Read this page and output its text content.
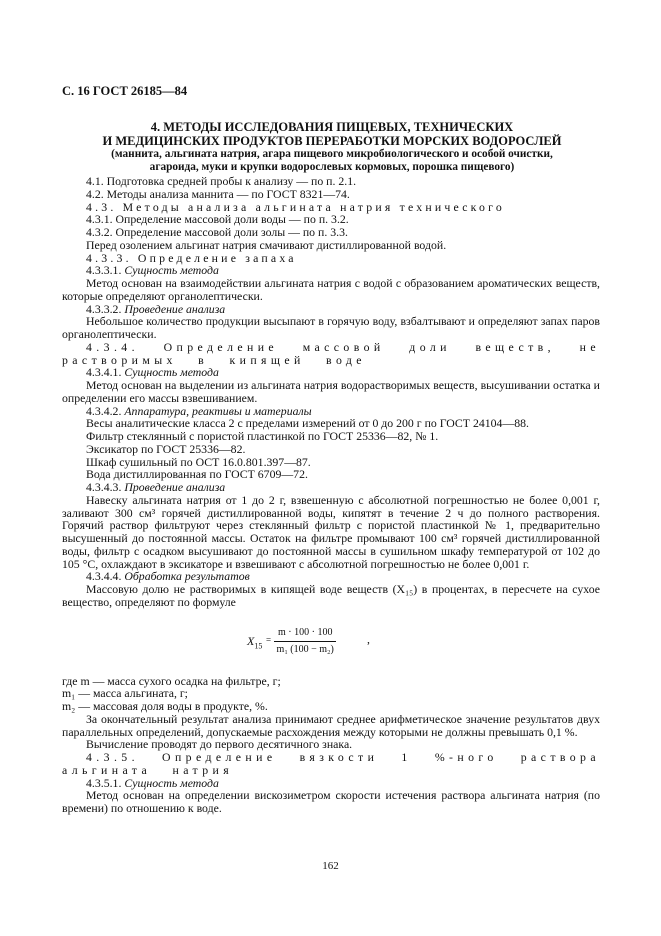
С. 16 ГОСТ 26185—84
4. МЕТОДЫ ИССЛЕДОВАНИЯ ПИЩЕВЫХ, ТЕХНИЧЕСКИХ
И МЕДИЦИНСКИХ ПРОДУКТОВ ПЕРЕРАБОТКИ МОРСКИХ ВОДОРОСЛЕЙ
(маннита, альгината натрия, агара пищевого микробиологического и особой очистки,
агароида, муки и крупки водорослевых кормовых, порошка пищевого)

4.1. Подготовка средней пробы к анализу — по п. 2.1.

4.2. Методы анализа маннита — по ГОСТ 8321—74.

4.3. Методы анализа альгината натрия технического

4.3.1. Определение массовой доли воды — по п. 3.2.

4.3.2. Определение массовой доли золы — по п. 3.3.

Перед озолением альгинат натрия смачивают дистиллированной водой.

4.3.3. Определение запаха

4.3.3.1. Сущность метода

Метод основан на взаимодействии альгината натрия с водой с образованием ароматических веществ, которые определяют органолептически.

4.3.3.2. Проведение анализа

Небольшое количество продукции высыпают в горячую воду, взбалтывают и определяют запах паров органолептически.

4.3.4. Определение массовой доли веществ, не растворимых в кипящей воде

4.3.4.1. Сущность метода

Метод основан на выделении из альгината натрия водорастворимых веществ, высушивании остатка и определении его массы взвешиванием.

4.3.4.2. Аппаратура, реактивы и материалы

Весы аналитические класса 2 с пределами измерений от 0 до 200 г по ГОСТ 24104—88.

Фильтр стеклянный с пористой пластинкой по ГОСТ 25336—82, № 1.

Эксикатор по ГОСТ 25336—82.

Шкаф сушильный по ОСТ 16.0.801.397—87.

Вода дистиллированная по ГОСТ 6709—72.

4.3.4.3. Проведение анализа

Навеску альгината натрия от 1 до 2 г, взвешенную с абсолютной погрешностью не более 0,001 г, заливают 300 см³ горячей дистиллированной воды, кипятят в течение 2 ч до полного растворения. Горячий раствор фильтруют через стеклянный фильтр с пористой пластинкой № 1, предварительно высушенный до постоянной массы. Остаток на фильтре промывают 100 см³ горячей дистиллированной воды, фильтр с осадком высушивают до постоянной массы в сушильном шкафу температурой от 102 до 105 °С, охлаждают в эксикаторе и взвешивают с абсолютной погрешностью не более 0,001 г.

4.3.4.4. Обработка результатов

Массовую долю не растворимых в кипящей воде веществ (X₁₅) в процентах, в пересчете на сухое вещество, определяют по формуле

$X_{15}$
= $\frac{m \cdot 100 \cdot 100}{\text{m₁ (100 − m₂)}}$	,

где m — масса сухого осадка на фильтре, г;

m₁ — масса альгината, г;

m₂ — массовая доля воды в продукте, %.

За окончательный результат анализа принимают среднее арифметическое значение результатов двух параллельных определений, допускаемые расхождения между которыми не должны превышать 0,1 %.

Вычисление проводят до первого десятичного знака.

4.3.5. Определение вязкости 1 %-ного раствора альгината натрия

4.3.5.1. Сущность метода

Метод основан на определении вискозиметром скорости истечения раствора альгината натрия (по времени) по отношению к воде.

162
